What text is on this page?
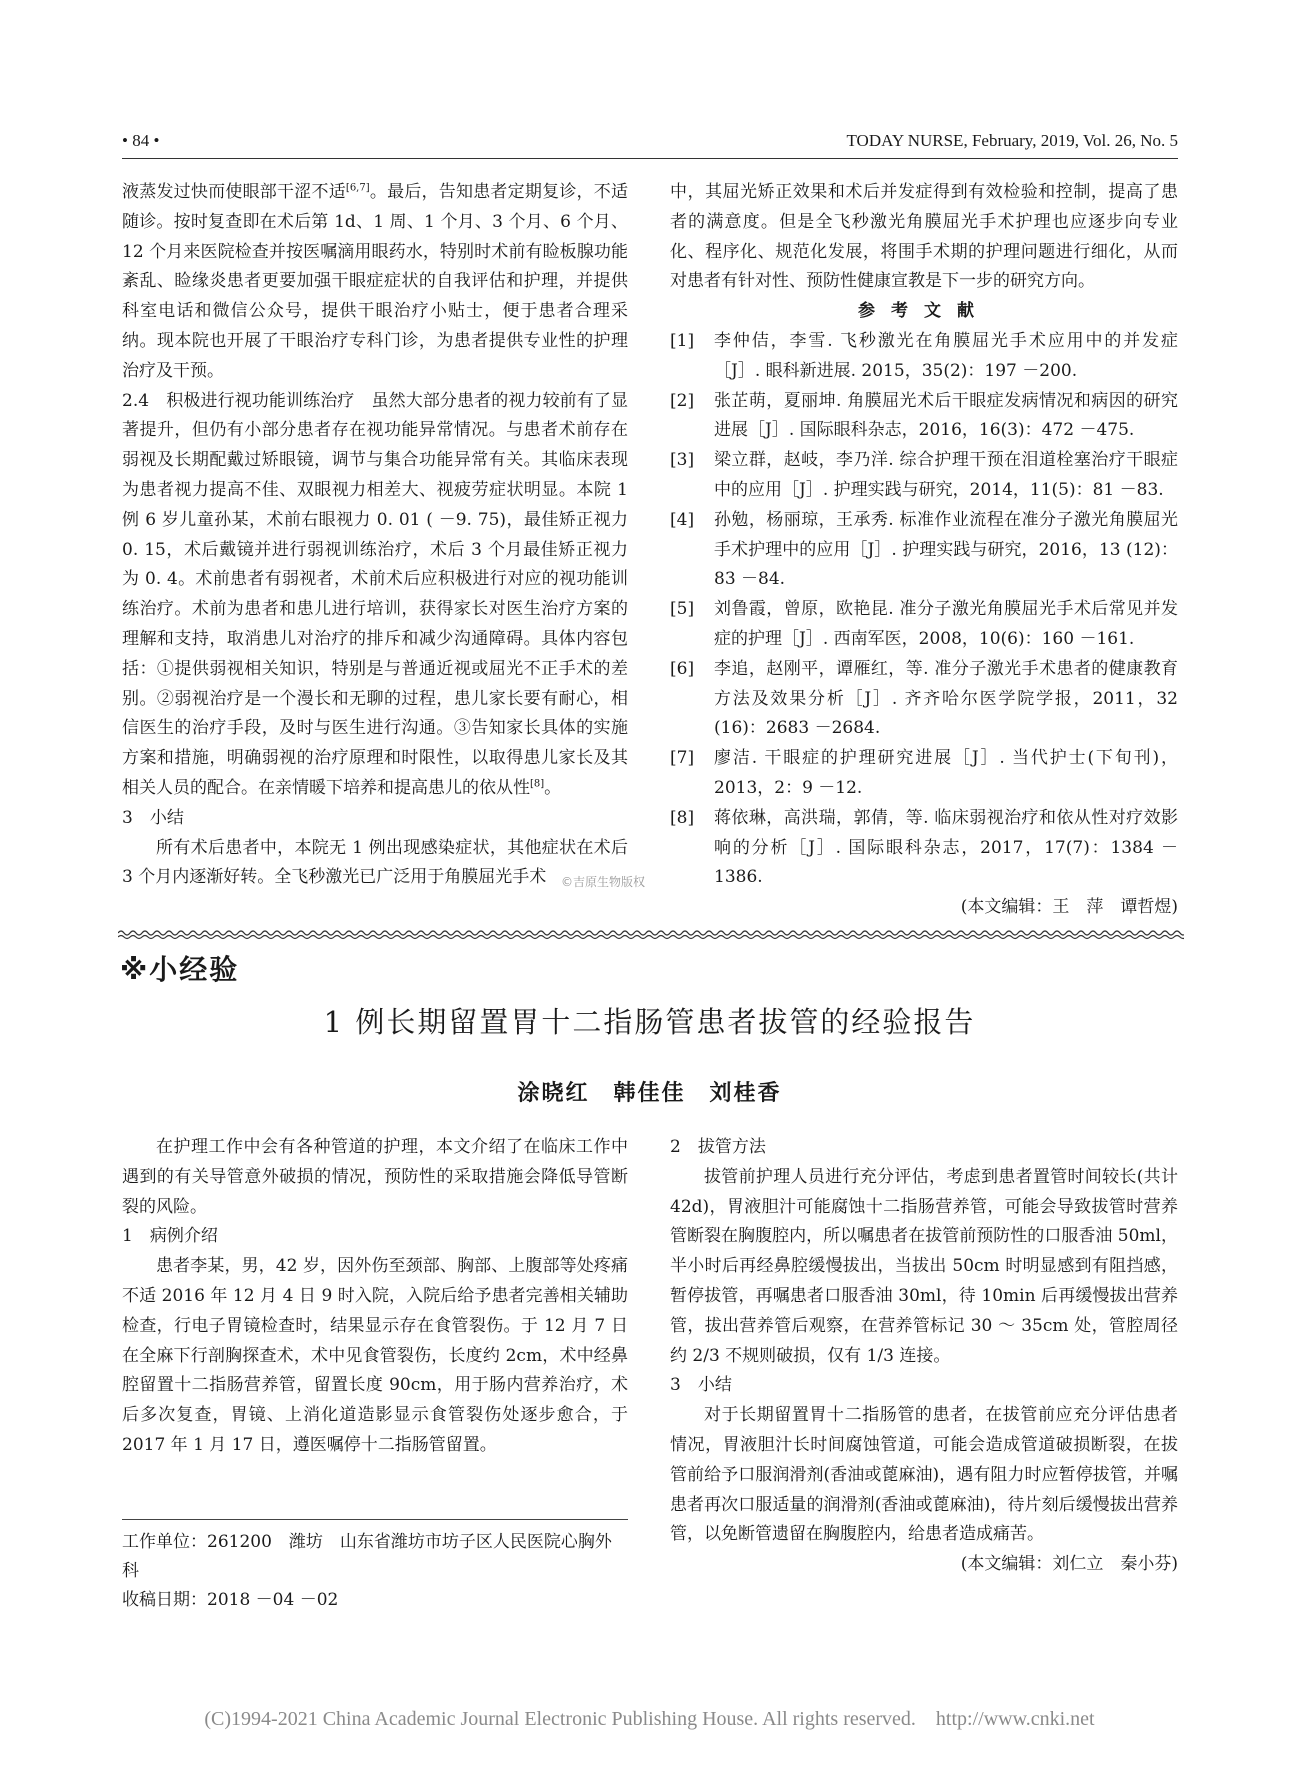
• 84 •	TODAY NURSE, February, 2019, Vol. 26, No. 5

液蒸发过快而使眼部干涩不适[6,7]。最后，告知患者定期复诊，不适随诊。按时复查即在术后第 1d、1 周、1 个月、3 个月、6 个月、12 个月来医院检查并按医嘱滴用眼药水，特别时术前有睑板腺功能紊乱、睑缘炎患者更要加强干眼症症状的自我评估和护理，并提供科室电话和微信公众号，提供干眼治疗小贴士，便于患者合理采纳。现本院也开展了干眼治疗专科门诊，为患者提供专业性的护理治疗及干预。

2.4　积极进行视功能训练治疗　虽然大部分患者的视力较前有了显著提升，但仍有小部分患者存在视功能异常情况。与患者术前存在弱视及长期配戴过矫眼镜，调节与集合功能异常有关。其临床表现为患者视力提高不佳、双眼视力相差大、视疲劳症状明显。本院 1 例 6 岁儿童孙某，术前右眼视力 0. 01 ( －9. 75)，最佳矫正视力 0. 15，术后戴镜并进行弱视训练治疗，术后 3 个月最佳矫正视力为 0. 4。术前患者有弱视者，术前术后应积极进行对应的视功能训练治疗。术前为患者和患儿进行培训，获得家长对医生治疗方案的理解和支持，取消患儿对治疗的排斥和减少沟通障碍。具体内容包括：①提供弱视相关知识，特别是与普通近视或屈光不正手术的差别。②弱视治疗是一个漫长和无聊的过程，患儿家长要有耐心，相信医生的治疗手段，及时与医生进行沟通。③告知家长具体的实施方案和措施，明确弱视的治疗原理和时限性，以取得患儿家长及其相关人员的配合。在亲情暖下培养和提高患儿的依从性[8]。

3　小结

所有术后患者中，本院无 1 例出现感染症状，其他症状在术后 3 个月内逐渐好转。全飞秒激光已广泛用于角膜屈光手术

中，其屈光矫正效果和术后并发症得到有效检验和控制，提高了患者的满意度。但是全飞秒激光角膜屈光手术护理也应逐步向专业化、程序化、规范化发展，将围手术期的护理问题进行细化，从而对患者有针对性、预防性健康宣教是下一步的研究方向。

参考文献

[1]	李仲佶，李雪. 飞秒激光在角膜屈光手术应用中的并发症［J］. 眼科新进展. 2015，35(2)：197 －200.
[2]	张芷萌，夏丽坤. 角膜屈光术后干眼症发病情况和病因的研究进展［J］. 国际眼科杂志，2016，16(3)：472 －475.
[3]	梁立群，赵岐，李乃洋. 综合护理干预在泪道栓塞治疗干眼症中的应用［J］. 护理实践与研究，2014，11(5)：81 －83.
[4]	孙勉，杨丽琼，王承秀. 标准作业流程在准分子激光角膜屈光手术护理中的应用［J］. 护理实践与研究，2016，13 (12)：83 －84.
[5]	刘鲁霞，曾原，欧艳昆. 准分子激光角膜屈光手术后常见并发症的护理［J］. 西南军医，2008，10(6)：160 －161.
[6]	李追，赵刚平，谭雁红，等. 准分子激光手术患者的健康教育方法及效果分析［J］. 齐齐哈尔医学院学报，2011，32 (16)：2683 －2684.
[7]	廖洁. 干眼症的护理研究进展［J］. 当代护士(下旬刊)，2013，2：9 －12.
[8]	蒋依琳，高洪瑞，郭倩，等. 临床弱视治疗和依从性对疗效影响的分析［J］. 国际眼科杂志，2017，17(7)：1384 －1386.

(本文编辑：王　萍　谭哲煜)

©吉原生物版权
※小经验
1 例长期留置胃十二指肠管患者拔管的经验报告
涂晓红　韩佳佳　刘桂香

在护理工作中会有各种管道的护理，本文介绍了在临床工作中遇到的有关导管意外破损的情况，预防性的采取措施会降低导管断裂的风险。

1　病例介绍

患者李某，男，42 岁，因外伤至颈部、胸部、上腹部等处疼痛不适 2016 年 12 月 4 日 9 时入院，入院后给予患者完善相关辅助检查，行电子胃镜检查时，结果显示存在食管裂伤。于 12 月 7 日在全麻下行剖胸探查术，术中见食管裂伤，长度约 2cm，术中经鼻腔留置十二指肠营养管，留置长度 90cm，用于肠内营养治疗，术后多次复查，胃镜、上消化道造影显示食管裂伤处逐步愈合，于 2017 年 1 月 17 日，遵医嘱停十二指肠管留置。

工作单位：261200　潍坊　山东省潍坊市坊子区人民医院心胸外科
收稿日期：2018 －04 －02

2　拔管方法

拔管前护理人员进行充分评估，考虑到患者置管时间较长(共计 42d)，胃液胆汁可能腐蚀十二指肠营养管，可能会导致拔管时营养管断裂在胸腹腔内，所以嘱患者在拔管前预防性的口服香油 50ml，半小时后再经鼻腔缓慢拔出，当拔出 50cm 时明显感到有阻挡感，暂停拔管，再嘱患者口服香油 30ml，待 10min 后再缓慢拔出营养管，拔出营养管后观察，在营养管标记 30 ～ 35cm 处，管腔周径约 2/3 不规则破损，仅有 1/3 连接。

3　小结

对于长期留置胃十二指肠管的患者，在拔管前应充分评估患者情况，胃液胆汁长时间腐蚀管道，可能会造成管道破损断裂，在拔管前给予口服润滑剂(香油或蓖麻油)，遇有阻力时应暂停拔管，并嘱患者再次口服适量的润滑剂(香油或蓖麻油)，待片刻后缓慢拔出营养管，以免断管遗留在胸腹腔内，给患者造成痛苦。

(本文编辑：刘仁立　秦小芬)

(C)1994-2021 China Academic Journal Electronic Publishing House. All rights reserved.　http://www.cnki.net
